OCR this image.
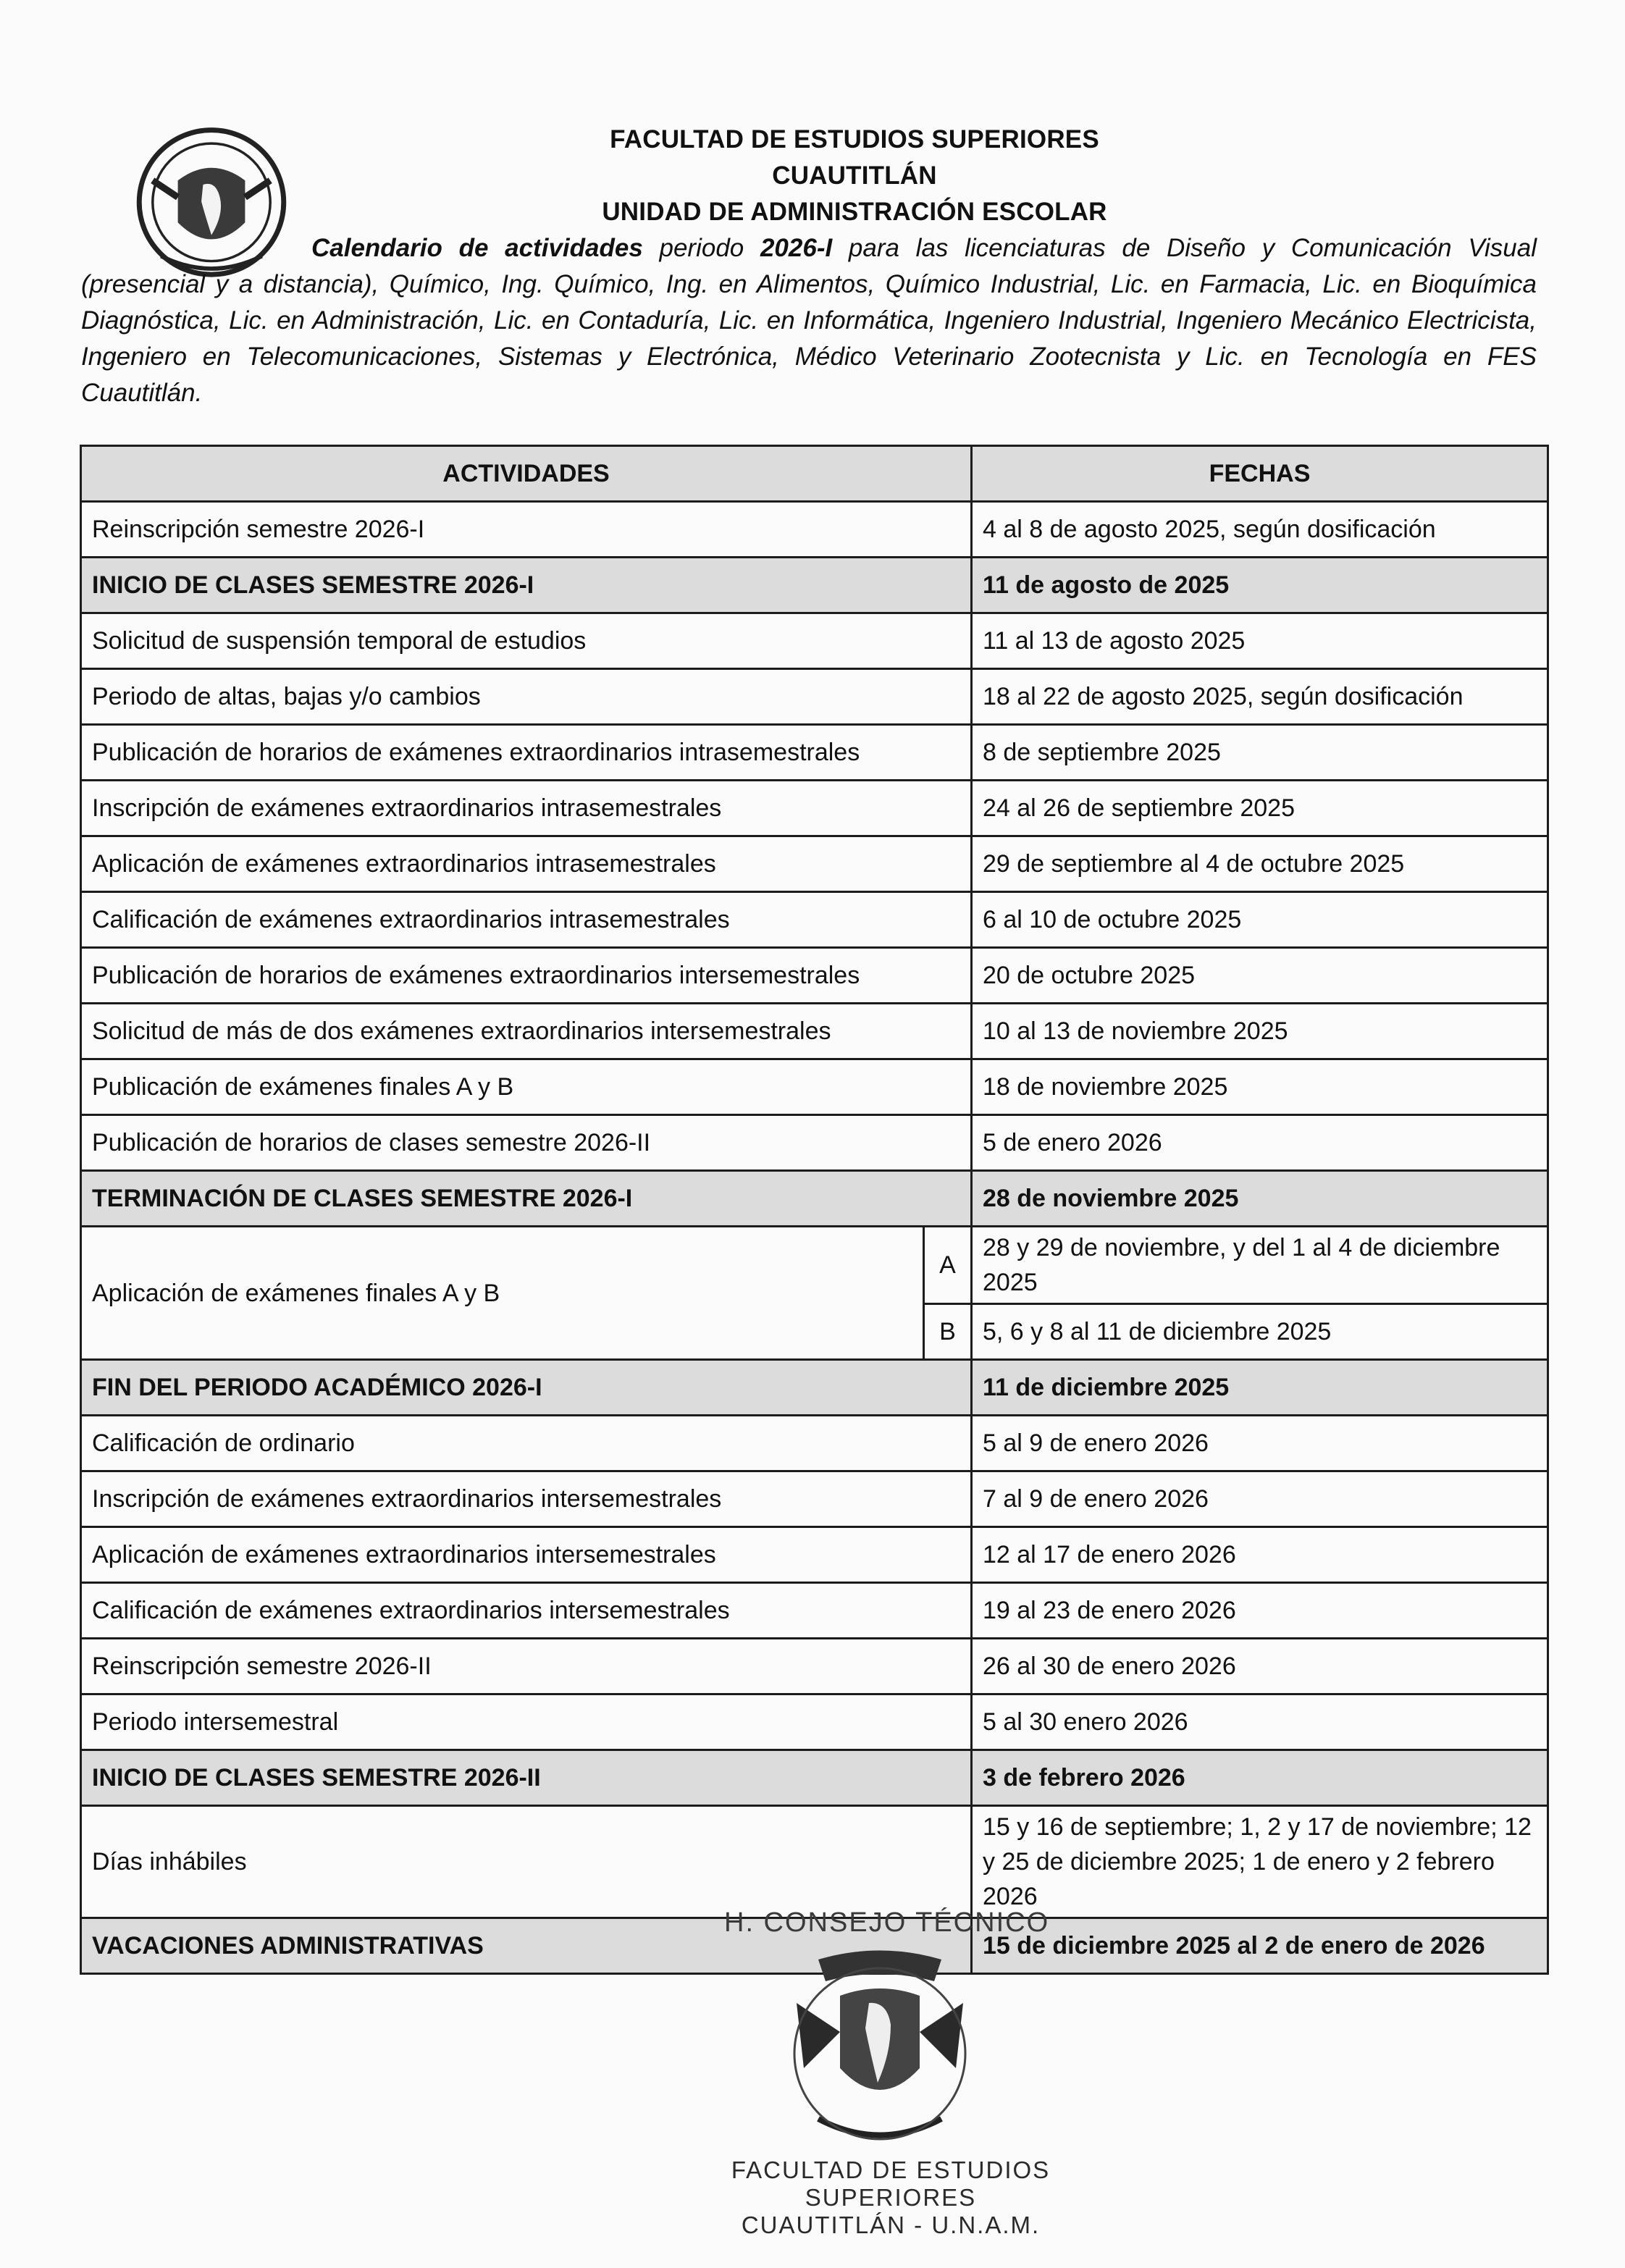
FACULTAD DE ESTUDIOS SUPERIORES CUAUTITLÁN
UNIDAD DE ADMINISTRACIÓN ESCOLAR
Calendario de actividades periodo 2026-I para las licenciaturas de Diseño y Comunicación Visual (presencial y a distancia), Químico, Ing. Químico, Ing. en Alimentos, Químico Industrial, Lic. en Farmacia, Lic. en Bioquímica Diagnóstica, Lic. en Administración, Lic. en Contaduría, Lic. en Informática, Ingeniero Industrial, Ingeniero Mecánico Electricista, Ingeniero en Telecomunicaciones, Sistemas y Electrónica, Médico Veterinario Zootecnista y Lic. en Tecnología en FES Cuautitlán.
ACTIVIDADES		FECHAS
Reinscripción semestre 2026-I		4 al 8 de agosto 2025, según dosificación
INICIO DE CLASES SEMESTRE 2026-I		11 de agosto de 2025
Solicitud de suspensión temporal de estudios		11 al 13 de agosto 2025
Periodo de altas, bajas y/o cambios		18 al 22 de agosto 2025, según dosificación
Publicación de horarios de exámenes extraordinarios intrasemestrales		8 de septiembre 2025
Inscripción de exámenes extraordinarios intrasemestrales		24 al 26 de septiembre 2025
Aplicación de exámenes extraordinarios intrasemestrales		29 de septiembre al 4 de octubre 2025
Calificación de exámenes extraordinarios intrasemestrales		6 al 10 de octubre 2025
Publicación de horarios de exámenes extraordinarios intersemestrales		20 de octubre 2025
Solicitud de más de dos exámenes extraordinarios intersemestrales		10 al 13 de noviembre 2025
Publicación de exámenes finales A y B		18 de noviembre 2025
Publicación de horarios de clases semestre 2026-II		5 de enero 2026
TERMINACIÓN DE CLASES SEMESTRE 2026-I		28 de noviembre 2025
Aplicación de exámenes finales A y B	A	28 y 29 de noviembre, y del 1 al 4 de diciembre 2025
	B	5, 6 y 8 al 11 de diciembre 2025
FIN DEL PERIODO ACADÉMICO 2026-I		11 de diciembre 2025
Calificación de ordinario		5 al 9 de enero 2026
Inscripción de exámenes extraordinarios intersemestrales		7 al 9 de enero 2026
Aplicación de exámenes extraordinarios intersemestrales		12 al 17 de enero 2026
Calificación de exámenes extraordinarios intersemestrales		19 al 23 de enero 2026
Reinscripción semestre 2026-II		26 al 30 de enero 2026
Periodo intersemestral		5 al 30 enero 2026
INICIO DE CLASES SEMESTRE 2026-II		3 de febrero 2026
Días inhábiles		15 y 16 de septiembre; 1, 2 y 17 de noviembre; 12 y 25 de diciembre 2025; 1 de enero y 2 febrero 2026
VACACIONES ADMINISTRATIVAS		15 de diciembre 2025 al 2 de enero de 2026
H. CONSEJO TÉCNICO
FACULTAD DE ESTUDIOS
SUPERIORES
CUAUTITLÁN - U.N.A.M.
